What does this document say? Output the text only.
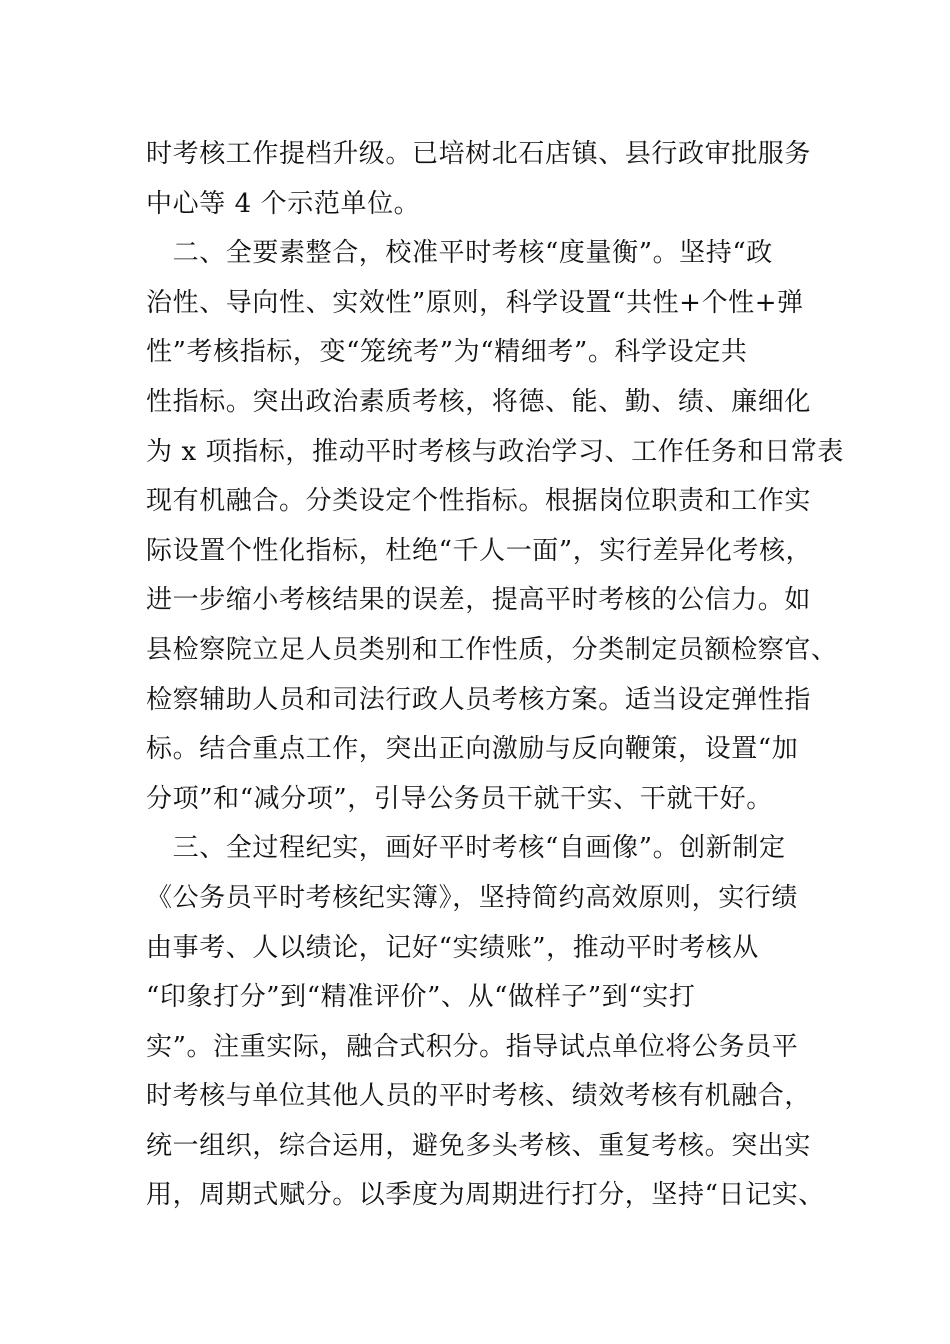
时考核工作提档升级。已培树北石店镇、县行政审批服务
中心等 4 个示范单位。
　二、全要素整合，校准平时考核“度量衡”。坚持“政
治性、导向性、实效性”原则，科学设置“共性+个性+弹
性”考核指标，变“笼统考”为“精细考”。科学设定共
性指标。突出政治素质考核，将德、能、勤、绩、廉细化
为 x 项指标，推动平时考核与政治学习、工作任务和日常表
现有机融合。分类设定个性指标。根据岗位职责和工作实
际设置个性化指标，杜绝“千人一面”，实行差异化考核，
进一步缩小考核结果的误差，提高平时考核的公信力。如
县检察院立足人员类别和工作性质，分类制定员额检察官、
检察辅助人员和司法行政人员考核方案。适当设定弹性指
标。结合重点工作，突出正向激励与反向鞭策，设置“加
分项”和“减分项”，引导公务员干就干实、干就干好。
　三、全过程纪实，画好平时考核“自画像”。创新制定
《公务员平时考核纪实簿》，坚持简约高效原则，实行绩
由事考、人以绩论，记好“实绩账”，推动平时考核从
“印象打分”到“精准评价”、从“做样子”到“实打
实”。注重实际，融合式积分。指导试点单位将公务员平
时考核与单位其他人员的平时考核、绩效考核有机融合，
统一组织，综合运用，避免多头考核、重复考核。突出实
用，周期式赋分。以季度为周期进行打分，坚持“日记实、
